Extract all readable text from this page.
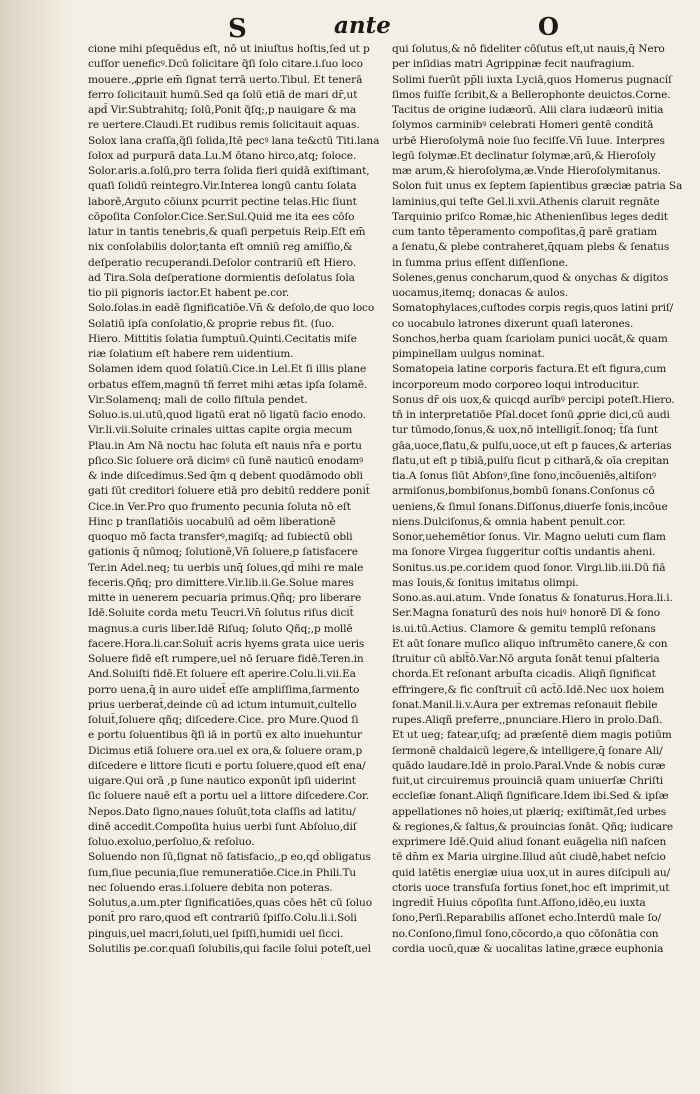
S	ante	O
cione mihi pſequēdus eſt, nō ut iniuſtus hoſtis,ſed ut p
cuſſor ueneficꝰ.Dcū ſolicitare q̃ſi ſolo citare.i.ſuo loco
mouere.,ꝓprie em̄ ſignat terrā uerto.Tibul. Et tenerā
ferro ſolicitauit humū.Sed qa ſolū etiā de mari dr̄,ut
apd̄ Vir.Subtrahitq; ſolū,Ponit q̃ſq;,p nauigare & ma
re uertere.Claudi.Et rudibus remis ſolicitauit aquas.
Solox lana craſſa,q̃ſi ſolida,Itē pecꝰ lana te&ctū Titi.lana
ſolox ad purpurā data.Lu.M ōtano hirco,atq; ſoloce.
Solor.aris.a.ſolū,pro terra ſolida fieri quidā exiſtimant,
quaſi ſolidū reintegro.Vir.Interea longū cantu ſolata
laborē,Arguto cōiunx pcurrit pectine telas.Hic ſiunt
cōpoſita Conſolor.Cice.Ser.Sul.Quid me ita ees cōſo
latur in tantis tenebris,& quaſi perpetuis Reip.Eſt em̄
nix conſolabilis dolor,tanta eſt omniū reg amiſſio,&
deſperatio recuperandi.Deſolor contrariū eſt Hiero.
ad Tira.Sola deſperatione dormientis deſolatus ſola
tio pii pignoris iactor.Et habent pe.cor.
Solo.ſolas.in eadē ſignificatiōe.Vn̄ & deſolo,de quo loco
Solatiū ipſa conſolatio,& proprie rebus fit. (ſuo.
Hiero. Mittitis ſolatia ſumptuū.Quinti.Cecitatis miſe
riæ ſolatium eſt habere rem uidentium.
Solamen idem quod ſolatiū.Cice.in Lel.Et ſi illis plane
orbatus eſſem,magnū tñ ferret mihi ætas ipſa ſolamē.
Vir.Solamenq; mali de collo fiſtula pendet.
Soluo.is.ui.utū,quod ligatū erat nō ligatū facio enodo.
Vir.li.vii.Soluite crinales uittas capite orgia mecum
Plau.in Am Nā noctu hac ſoluta eſt nauis nr̄a e portu
pſico.Sic ſoluere orā dicimꝰ cū ſunē nauticū enodamꝰ
& inde diſcedimus.Sed q̄m q debent quodāmodo obli
gati ſūt creditori ſoluere etiā pro debitū reddere ponit̄
Cice.in Ver.Pro quo frumento pecunia ſoluta nō eſt
Hinc p tranſlatiōis uocabulū ad oēm liberationē
quoquo mō facta transferꝰ,magiſq; ad ſubiectū obli
gationis q̄ nūmoq; ſolutionē,Vn̄ ſoluere,p ſatisfacere
Ter.in Adel.neq; tu uerbis unq̄ ſolues,qd̄ mihi re male
feceris.Qñq; pro dimittere.Vir.lib.ii.Ge.Solue mares
mitte in uenerem pecuaria primus.Qñq; pro liberare
Idē.Soluite corda metu Teucri.Vn̄ ſolutus riſus dicit̄
magnus.a curis liber.Idē Riſuq; ſoluto Qñq;,p mollē
facere.Hora.li.car.Soluit̄ acris hyems grata uice ueris
Soluere fidē eſt rumpere,uel nō ſeruare fidē.Teren.in
And.Soluiſti fidē.Et ſoluere eſt aperire.Colu.li.vii.Ea
porro uena,q̄ in auro uidet̄ eſſe ampliſſima,ſarmento
prius uerberat̄,deinde cū ad ictum intumuit,cultello
ſoluit̄,ſoluere qñq; diſcedere.Cice. pro Mure.Quod ſi
e portu ſoluentibus q̃ſi iā in portū ex alto inuehuntur
Dicimus etiā ſoluere ora.uel ex ora,& ſoluere oram,p
diſcedere e littore ſicuti e portu ſoluere,quod eſt ena/
uigare.Qui orā ,p ſune nautico exponūt ipſi uiderint
ſic ſoluere nauē eſt a portu uel a littore diſcedere.Cor.
Nepos.Dato ſigno,naues ſoluūt,tota claſſis ad latitu/
dinē accedit.Compoſita huius uerbi ſunt Abſoluo,diſ
ſoluo.exoluo,perſoluo,& reſoluo.
Soluendo non ſū,ſignat nō ſatisfacio,,p eo,qd̄ obligatus
ſum,ſiue pecunia,ſiue remuneratiōe.Cice.in Phili.Tu
nec ſoluendo eras.i.ſoluere debita non poteras.
Solutus,a.um.pter ſignificatiōes,quas cōes hēt cū ſoluo
ponit̄ pro raro,quod eſt contrariū ſpiſſo.Colu.li.i.Soli
pinguis,uel macri,ſoluti,uel ſpiſſi,humidi uel ſicci.
Solutilis pe.cor.quaſi ſolubilis,qui facile ſolui poteſt,uel
qui ſolutus,& nō fideliter cōſutus eſt,ut nauis,q̄ Nero
per inſidias matri Agrippinæ fecit naufragium.
Solimi fuerūt pp̄li iuxta Lyciā,quos Homerus pugnacíſ
ſimos fuiſſe ſcribit,& a Bellerophonte deuictos.Corne.
Tacitus de origine iudæorū. Alii clara iudæorū initia
ſolymos carminibꝰ celebrati Homeri gentē conditā
urbē Hieroſolymā noie ſuo feciſſe.Vn̄ Iuue. Interpres
legū ſolymæ.Et declinatur ſolymæ,arū,& Hieroſoly
mæ arum,& hieroſolyma,æ.Vnde Hieroſolymitanus.
Solon fuit unus ex ſeptem ſapientibus græciæ patria Sa
laminius,qui teſte Gel.li.xvii.Athenis claruit regnāte
Tarquinio priſco Romæ,hic Athenienſibus leges dedit
cum tanto tēperamento compoſitas,q̄ parē gratiam
a ſenatu,& plebe contraheret,q̄quam plebs & ſenatus
in ſumma prius eſſent diſſenſione.
Solenes,genus concharum,quod & onychas & digitos
uocamus,itemq; donacas & aulos.
Somatophylaces,cuſtodes corpis regis,quos latini priſ/
co uocabulo latrones dixerunt quaſi laterones.
Sonchos,herba quam ſcariolam punici uocāt,& quam
pimpinellam uulgus nominat.
Somatopeia latine corporis factura.Et eſt figura,cum
incorporeum modo corporeo loqui introducitur.
Sonus dr̄ ois uox,& quicqd aurībꝰ percipi poteſt.Hiero.
tñ in interpretatiōe Pſal.docet ſonū ꝓprie dici,cū audi
tur tūmodo,ſonus,& uox,nō intelligit̄.ſonoq; t̄ſa ſunt
gāa,uoce,flatu,& pulſu,uoce,ut eſt p fauces,& arterias
flatu,ut eſt p tibiā,pulſu ſicut p citharā,& oīa crepitan
tia.A ſonus ſiūt Abſonꝰ,ſine ſono,incōueniēs,altiſonꝰ
armiſonus,bombiſonus,bombū ſonans.Conſonus cō
ueniens,& ſimul ſonans.Diſſonus,diuerſe ſonis,incōue
niens.Dulciſonus,& omnia habent penult.cor.
Sonor,uehemētior ſonus. Vir. Magno ueluti cum flam
ma ſonore Virgea ſuggeritur coſtis undantis aheni.
Sonitus.us.pe.cor.idem quod ſonor. Virgi.lib.iii.Dū fiā
mas Iouis,& ſonitus imitatus olimpi.
Sono.as.aui.atum. Vnde ſonatus & ſonaturus.Hora.li.i.
Ser.Magna ſonaturū des nois huiꝰ honorē Dī & ſono
is.ui.tū.Actius. Clamore & gemitu templū reſonans
Et aūt ſonare muſico aliquo inſtrumēto canere,& con
ſtruitur cū ablt̄ō.Var.Nō arguta ſonāt tenui pſalteria
chorda.Et reſonant arbuſta cicadis. Aliqñ ſignificat
effringere,& fic conſtruit̄ cū act̄ō.Idē.Nec uox hoiem
ſonat.Manil.li.v.Aura per extremas reſonauit flebile
rupes.Aliqñ preferre,,pnunciare.Hiero in prolo.Daſi.
Et ut ueg; fatear,uſq; ad præſentē diem magis potiūm
ſermonē chaldaicū legere,& intelligere,q̄ ſonare Ali/
quādo laudare.Idē in prolo.Paral.Vnde & nobis curæ
fuit,ut circuiremus prouinciā quam uniuerſæ Chriſti
eccleſiæ ſonant.Aliqñ ſignificare.Idem ibi.Sed & ipſæ
appellationes nō hoies,ut plæriq; exiſtimāt,ſed urbes
& regiones,& ſaltus,& prouincias ſonāt. Qñq; iudicare
exprimere Idē.Quid aliud ſonant euāgelia niſi naſcen
tē dn̄m ex Maria uirgine.Illud aūt ciudē,habet neſcio
quid latētis energiæ uiua uox,ut in aures diſcipuli au/
ctoris uoce transfuſa fortius ſonet,hoc eſt imprimit,ut
ingredit̄ Huius cōpoſita ſunt.Aſſono,idēo,eu iuxta
ſono,Perſi.Reparabilis aſſonet echo.Interdū male ſo/
no.Conſono,ſimul ſono,cōcordo,a quo cōſonātia con
cordia uocū,quæ & uocalitas latine,græce euphonia
